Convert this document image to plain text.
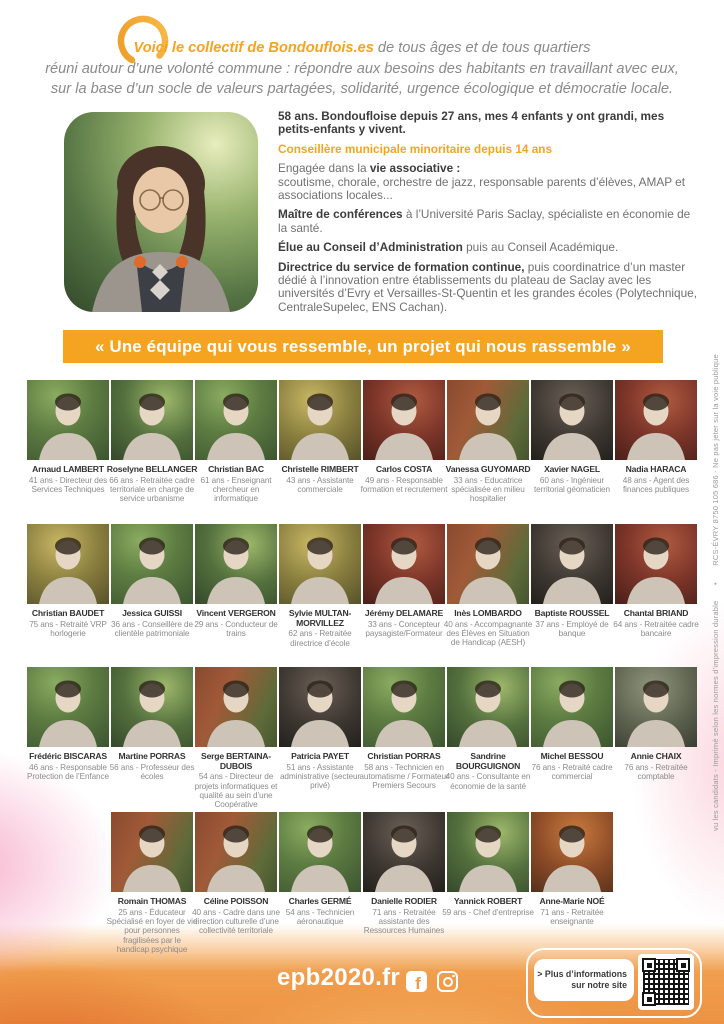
Voici le collectif de Bondouflois.es de tous âges et de tous quartiers
réuni autour d’une volonté commune : répondre aux besoins des habitants en travaillant avec eux,
sur la base d’un socle de valeurs partagées, solidarité, urgence écologique et démocratie locale.

58 ans. Bondoufloise depuis 27 ans, mes 4 enfants y ont grandi, mes petits-enfants y vivent.

Conseillère municipale minoritaire depuis 14 ans

Engagée dans la vie associative :
scoutisme, chorale, orchestre de jazz, responsable parents d’élèves, AMAP et associations locales...

Maître de conférences à l’Université Paris Saclay, spécialiste en économie de la santé.

Élue au Conseil d’Administration puis au Conseil Académique.

Directrice du service de formation continue, puis coordinatrice d’un master dédié à l’innovation entre établissements du plateau de Saclay avec les universités d’Evry et Versailles-St-Quentin et les grandes écoles (Polytechnique, CentraleSupelec, ENS Cachan).

« Une équipe qui vous ressemble, un projet qui nous rassemble »
Arnaud LAMBERT
41 ans - Directeur des Services Techniques
Roselyne BELLANGER
66 ans - Retraitée cadre territoriale en charge de service urbanisme
Christian BAC
61 ans - Enseignant chercheur en informatique
Christelle RIMBERT
43 ans - Assistante commerciale
Carlos COSTA
49 ans - Responsable formation et recrutement
Vanessa GUYOMARD
33 ans - Educatrice spécialisée en milieu hospitalier
Xavier NAGEL
60 ans - Ingénieur territorial géomaticien
Nadia HARACA
48 ans - Agent des finances publiques
Christian BAUDET
75 ans - Retraité VRP horlogerie
Jessica GUISSI
36 ans - Conseillère de clientèle patrimoniale
Vincent VERGERON
29 ans - Conducteur de trains
Sylvie MULTAN-MORVILLEZ
62 ans - Retraitée directrice d’école
Jérémy DELAMARE
33 ans - Concepteur paysagiste/Formateur
Inès LOMBARDO
40 ans - Accompagnante des Élèves en Situation de Handicap (AESH)
Baptiste ROUSSEL
37 ans - Employé de banque
Chantal BRIAND
64 ans - Retraitée cadre bancaire
Frédéric BISCARAS
46 ans - Responsable Protection de l’Enfance
Martine PORRAS
56 ans - Professeur des écoles
Serge BERTAINA-DUBOIS
54 ans - Directeur de projets informatiques et qualité au sein d’une Coopérative
Patricia PAYET
51 ans - Assistante administrative (secteur privé)
Christian PORRAS
58 ans - Technicien en automatisme / Formateur Premiers Secours
Sandrine BOURGUIGNON
40 ans - Consultante en économie de la santé
Michel BESSOU
76 ans - Retraité cadre commercial
Annie CHAIX
76 ans - Retraitée comptable
Romain THOMAS
25 ans - Éducateur Spécialisé en foyer de vie pour personnes fragilisées par le handicap psychique
Céline POISSON
40 ans - Cadre dans une direction culturelle d’une collectivité territoriale
Charles GERMÉ
54 ans - Technicien aéronautique
Danielle RODIER
71 ans - Retraitée assistante des Ressources Humaines
Yannick ROBERT
59 ans - Chef d’entreprise
Anne-Marie NOÉ
71 ans - Retraitée enseignante
vu les candidats - Imprimé selon les normes d’impression durable•RCS-ÉVRY 8750 105 686 - Ne pas jeter sur la voie publique
epb2020.fr f	> Plus d’informations
sur notre site
